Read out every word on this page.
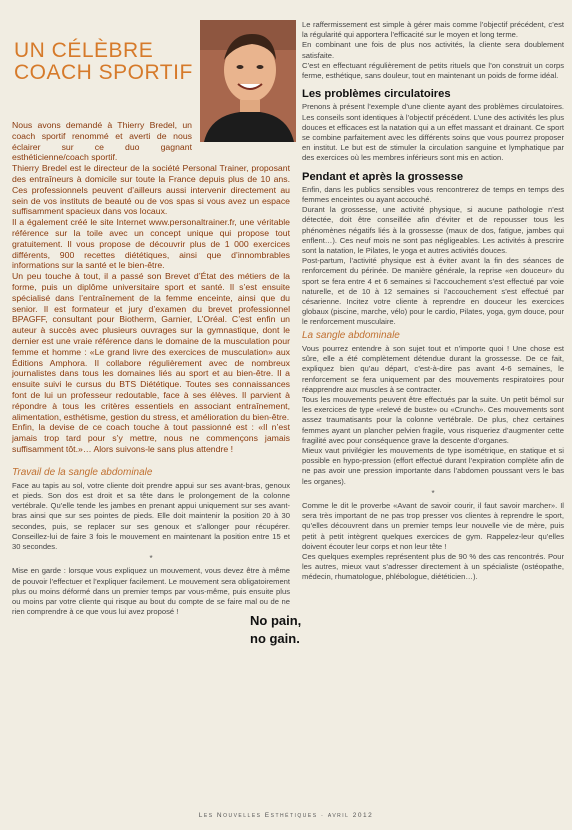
UN CÉLÈBRE COACH SPORTIF

Nous avons demandé à Thierry Bredel, un coach sportif renommé et averti de nous éclairer sur ce duo gagnant esthéticienne/coach sportif.

Thierry Bredel est le directeur de la société Personal Trainer, proposant des entraîneurs à domicile sur toute la France depuis plus de 10 ans. Ces professionnels peuvent d’ailleurs aussi intervenir directement au sein de vos instituts de beauté ou de vos spas si vous avez un espace suffisamment spacieux dans vos locaux.

Il a également créé le site Internet www.personaltrainer.fr, une véritable référence sur la toile avec un concept unique qui propose tout gratuitement. Il vous propose de découvrir plus de 1 000 exercices différents, 900 recettes diététiques, ainsi que d’innombrables informations sur la santé et le bien-être.

Un peu touche à tout, il a passé son Brevet d’État des métiers de la forme, puis un diplôme universitaire sport et santé. Il s’est ensuite spécialisé dans l’entraînement de la femme enceinte, ainsi que du senior. Il est formateur et jury d’examen du brevet professionnel BPAGFF, consultant pour Biotherm, Garnier, L’Oréal. C’est enfin un auteur à succès avec plusieurs ouvrages sur la gymnastique, dont le dernier est une vraie référence dans le domaine de la musculation pour femme et homme : «Le grand livre des exercices de musculation» aux Éditions Amphora. Il collabore régulièrement avec de nombreux journalistes dans tous les domaines liés au sport et au bien-être. Il a ensuite suivi le cursus du BTS Diététique. Toutes ses connaissances font de lui un professeur redoutable, face à ses élèves. Il parvient à répondre à tous les critères essentiels en associant entraînement, alimentation, esthétisme, gestion du stress, et amélioration du bien-être.

Enfin, la devise de ce coach touche à tout passionné est : «Il n’est jamais trop tard pour s’y mettre, nous ne commençons jamais suffisamment tôt.»… Alors suivons-le sans plus attendre !

Travail de la sangle abdominale

Face au tapis au sol, votre cliente doit prendre appui sur ses avant-bras, genoux et pieds. Son dos est droit et sa tête dans le prolongement de la colonne vertébrale. Qu’elle tende les jambes en prenant appui uniquement sur ses avant-bras ainsi que sur ses pointes de pieds. Elle doit maintenir la position 20 à 30 secondes, puis, se replacer sur ses genoux et s’allonger pour récupérer. Conseillez-lui de faire 3 fois le mouvement en maintenant la position entre 15 et 30 secondes.

*

Mise en garde : lorsque vous expliquez un mouvement, vous devez être à même de pouvoir l’effectuer et l’expliquer facilement. Le mouvement sera obligatoirement plus ou moins déformé dans un premier temps par vous-même, puis ensuite plus ou moins par votre cliente qui risque au bout du compte de se faire mal ou de ne rien comprendre à ce que vous lui avez proposé !

No pain,
no gain.

Le raffermissement est simple à gérer mais comme l’objectif précédent, c’est la régularité qui apportera l’efficacité sur le moyen et long terme.

En combinant une fois de plus nos activités, la cliente sera doublement satisfaite.

C’est en effectuant régulièrement de petits rituels que l’on construit un corps ferme, esthétique, sans douleur, tout en maintenant un poids de forme idéal.

Les problèmes circulatoires

Prenons à présent l’exemple d’une cliente ayant des problèmes circulatoires. Les conseils sont identiques à l’objectif précédent. L’une des activités les plus douces et efficaces est la natation qui a un effet massant et drainant. Ce sport se combine parfaitement avec les différents soins que vous pourrez proposer en institut. Le but est de stimuler la circulation sanguine et lymphatique par des exercices où les membres inférieurs sont mis en action.

Pendant et après la grossesse

Enfin, dans les publics sensibles vous rencontrerez de temps en temps des femmes enceintes ou ayant accouché.

Durant la grossesse, une activité physique, si aucune pathologie n’est détectée, doit être conseillée afin d’éviter et de repousser tous les phénomènes négatifs liés à la grossesse (maux de dos, fatigue, jambes qui enflent…). Ces neuf mois ne sont pas négligeables. Les activités à prescrire sont la natation, le Pilates, le yoga et autres activités douces.

Post-partum, l’activité physique est à éviter avant la fin des séances de renforcement du périnée. De manière générale, la reprise «en douceur» du sport se fera entre 4 et 6 semaines si l’accouchement s’est effectué par voie naturelle, et de 10 à 12 semaines si l’accouchement s’est effectué par césarienne. Incitez votre cliente à reprendre en douceur les exercices globaux (piscine, marche, vélo) pour le cardio, Pilates, yoga, gym douce, pour le renforcement musculaire.

La sangle abdominale

Vous pourrez entendre à son sujet tout et n’importe quoi ! Une chose est sûre, elle a été complètement détendue durant la grossesse. De ce fait, expliquez bien qu’au départ, c’est-à-dire pas avant 4-6 semaines, le renforcement se fera uniquement par des mouvements respiratoires pour réapprendre aux muscles à se contracter.

Tous les mouvements peuvent être effectués par la suite. Un petit bémol sur les exercices de type «relevé de buste» ou «Crunch». Ces mouvements sont assez traumatisants pour la colonne vertébrale. De plus, chez certaines femmes ayant un plancher pelvien fragile, vous risqueriez d’augmenter cette fragilité avec pour conséquence grave la descente d’organes.

Mieux vaut privilégier les mouvements de type isométrique, en statique et si possible en hypo-pression (effort effectué durant l’expiration complète afin de ne pas avoir une pression importante dans l’abdomen poussant vers le bas les organes).

*

Comme le dit le proverbe «Avant de savoir courir, il faut savoir marcher». Il sera très important de ne pas trop presser vos clientes à reprendre le sport, qu’elles découvrent dans un premier temps leur nouvelle vie de mère, puis petit à petit intègrent quelques exercices de gym. Rappelez-leur qu’elles doivent écouter leur corps et non leur tête !

Ces quelques exemples représentent plus de 90 % des cas rencontrés. Pour les autres, mieux vaut s’adresser directement à un spécialiste (ostéopathe, médecin, rhumatologue, phlébologue, diététicien…).

Les Nouvelles Esthétiques · avril 2012
